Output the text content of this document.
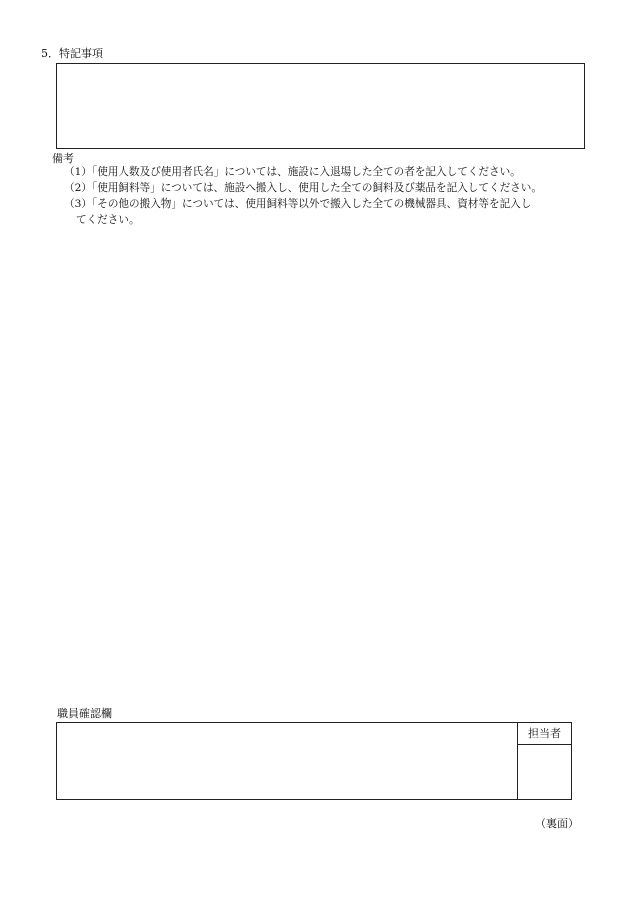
5．特記事項
備考
（1）「使用人数及び使用者氏名」については、施設に入退場した全ての者を記入してください。
（2）「使用飼料等」については、施設へ搬入し、使用した全ての飼料及び薬品を記入してください。
（3）「その他の搬入物」については、使用飼料等以外で搬入した全ての機械器具、資材等を記入し
てください。
職員確認欄
担当者
（裏面）
